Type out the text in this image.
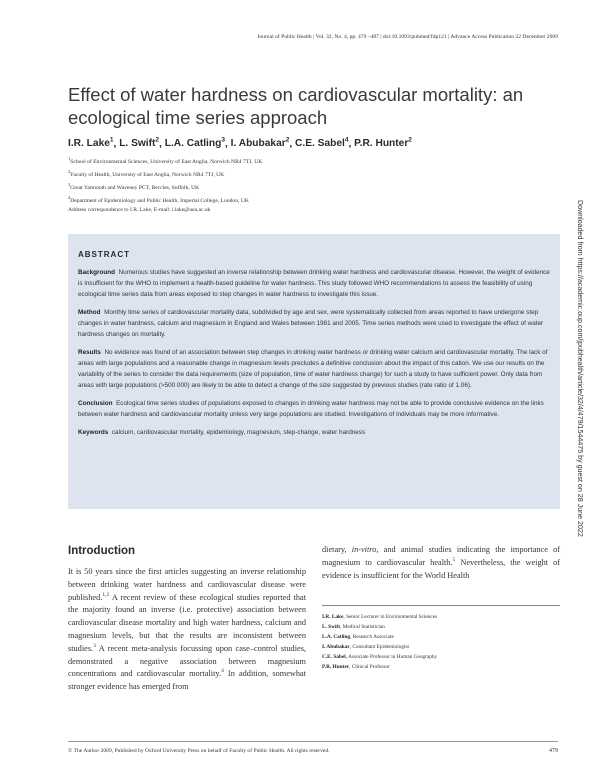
Journal of Public Health | Vol. 32, No. 4, pp. 479 –487 | doi:10.1093/pubmed/fdp121 | Advance Access Publication 22 December 2009
Effect of water hardness on cardiovascular mortality: an ecological time series approach
I.R. Lake$^1$, L. Swift$^2$, L.A. Catling$^3$, I. Abubakar$^2$, C.E. Sabel$^4$, P.R. Hunter$^2$
$^1$School of Environmental Sciences, University of East Anglia, Norwich NR4 7TJ, UK
$^2$Faculty of Health, University of East Anglia, Norwich NR4 7TJ, UK
$^3$Great Yarmouth and Waveney PCT, Beccles, Suffolk, UK
$^4$Department of Epidemiology and Public Health, Imperial College, London, UK
Address correspondence to I.R. Lake, E-mail: i.lake@uea.ac.uk
ABSTRACT

Background Numerous studies have suggested an inverse relationship between drinking water hardness and cardiovascular disease. However, the weight of evidence is insufficient for the WHO to implement a health-based guideline for water hardness. This study followed WHO recommendations to assess the feasibility of using ecological time series data from areas exposed to step changes in water hardness to investigate this issue.

Method Monthly time series of cardiovascular mortality data, subdivided by age and sex, were systematically collected from areas reported to have undergone step changes in water hardness, calcium and magnesium in England and Wales between 1981 and 2005. Time series methods were used to investigate the effect of water hardness changes on mortality.

Results No evidence was found of an association between step changes in drinking water hardness or drinking water calcium and cardiovascular mortality. The lack of areas with large populations and a reasonable change in magnesium levels precludes a definitive conclusion about the impact of this cation. We use our results on the variability of the series to consider the data requirements (size of population, time of water hardness change) for such a study to have sufficient power. Only data from areas with large populations (>500 000) are likely to be able to detect a change of the size suggested by previous studies (rate ratio of 1.06).

Conclusion Ecological time series studies of populations exposed to changes in drinking water hardness may not be able to provide conclusive evidence on the links between water hardness and cardiovascular mortality unless very large populations are studied. Investigations of individuals may be more informative.

Keywords calcium, cardiovascular mortality, epidemiology, magnesium, step-change, water hardness	Downloaded from https://academic.oup.com/jpubhealth/article/32/4/479/1544475 by guest on 28 June 2022
Introduction
It is 50 years since the first articles suggesting an inverse relationship between drinking water hardness and cardiovascular disease were published.$^{1,2}$ A recent review of these ecological studies reported that the majority found an inverse (i.e. protective) association between cardiovascular disease mortality and high water hardness, calcium and magnesium levels, but that the results are inconsistent between studies.$^3$ A recent meta-analysis focussing upon case–control studies, demonstrated a negative association between magnesium concentrations and cardiovascular mortality.$^4$ In addition, somewhat stronger evidence has emerged from
dietary, in-vitro, and animal studies indicating the importance of magnesium to cardiovascular health.$^5$ Nevertheless, the weight of evidence is insufficient for the World Health
I.R. Lake, Senior Lecturer in Environmental Sciences
L. Swift, Medical Statistician
L.A. Catling, Research Associate
I. Abubakar, Consultant Epidemiologist
C.E. Sabel, Associate Professor in Human Geography
P.R. Hunter, Clinical Professor
© The Author 2009, Published by Oxford University Press on behalf of Faculty of Public Health. All rights reserved.	479
